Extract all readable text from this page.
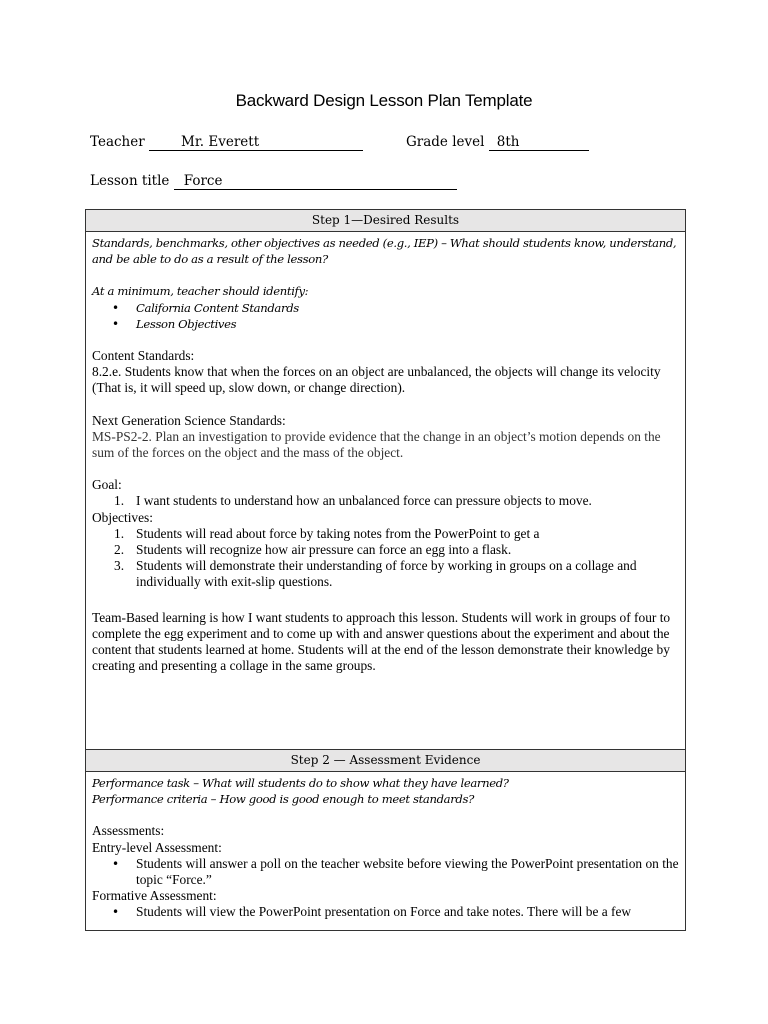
Backward Design Lesson Plan Template
Teacher	Mr. Everett	Grade level 8th
Lesson title Force
Step 1—Desired Results

Standards, benchmarks, other objectives as needed (e.g., IEP) – What should students know, understand, and be able to do as a result of the lesson?

At a minimum, teacher should identify:

• California Content Standards
• Lesson Objectives

Content Standards:

8.2.e. Students know that when the forces on an object are unbalanced, the objects will change its velocity (That is, it will speed up, slow down, or change direction).

Next Generation Science Standards:

MS-PS2-2. Plan an investigation to provide evidence that the change in an object’s motion depends on the sum of the forces on the object and the mass of the object.

Goal:

1. I want students to understand how an unbalanced force can pressure objects to move.

Objectives:

1. Students will read about force by taking notes from the PowerPoint to get a
2. Students will recognize how air pressure can force an egg into a flask.
3. Students will demonstrate their understanding of force by working in groups on a collage and individually with exit-slip questions.

Team-Based learning is how I want students to approach this lesson. Students will work in groups of four to complete the egg experiment and to come up with and answer questions about the experiment and about the content that students learned at home. Students will at the end of the lesson demonstrate their knowledge by creating and presenting a collage in the same groups.

Step 2 — Assessment Evidence

Performance task – What will students do to show what they have learned?

Performance criteria – How good is good enough to meet standards?

Assessments:

Entry-level Assessment:

• Students will answer a poll on the teacher website before viewing the PowerPoint presentation on the topic “Force.”

Formative Assessment:

• Students will view the PowerPoint presentation on Force and take notes. There will be a few
